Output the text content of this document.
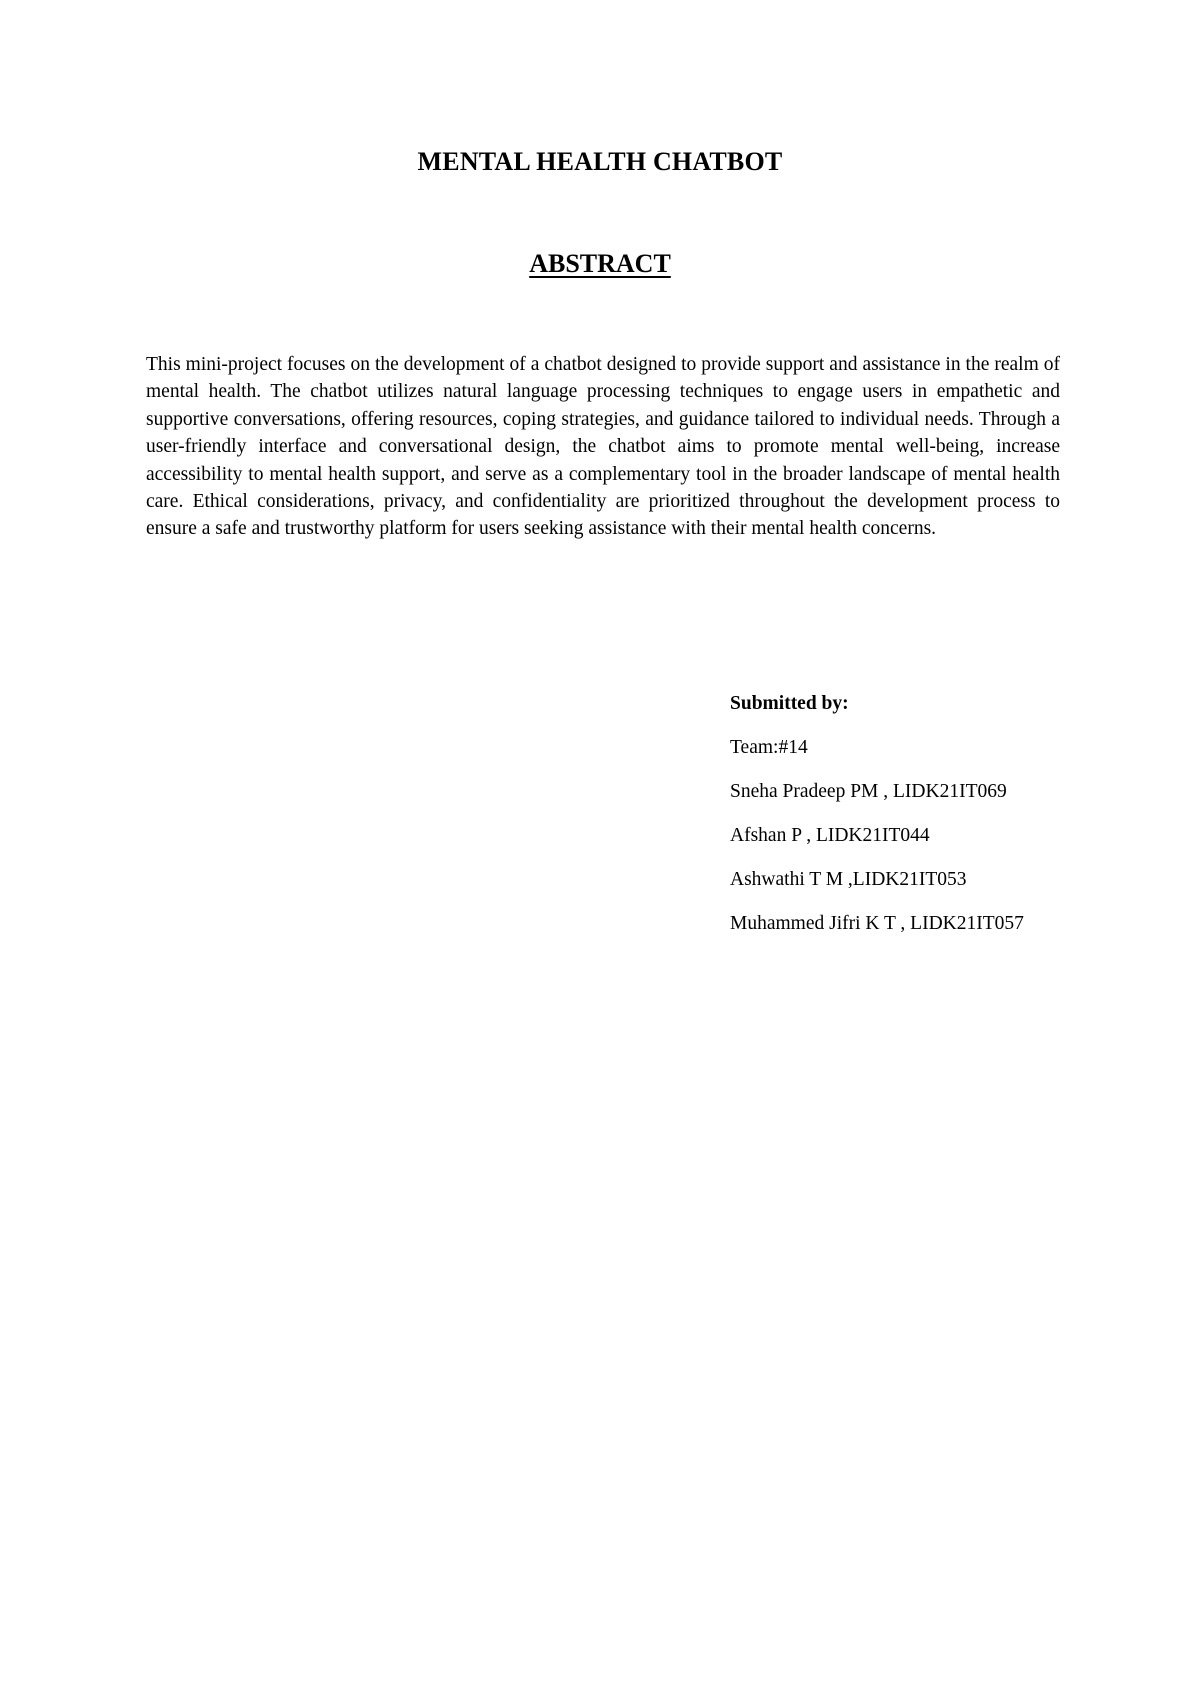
MENTAL HEALTH CHATBOT
ABSTRACT

This mini-project focuses on the development of a chatbot designed to provide support and assistance in the realm of mental health. The chatbot utilizes natural language processing techniques to engage users in empathetic and supportive conversations, offering resources, coping strategies, and guidance tailored to individual needs. Through a user-friendly interface and conversational design, the chatbot aims to promote mental well-being, increase accessibility to mental health support, and serve as a complementary tool in the broader landscape of mental health care. Ethical considerations, privacy, and confidentiality are prioritized throughout the development process to ensure a safe and trustworthy platform for users seeking assistance with their mental health concerns.

Submitted by:
Team:#14
Sneha Pradeep PM , LIDK21IT069
Afshan P , LIDK21IT044
Ashwathi T M ,LIDK21IT053
Muhammed Jifri K T , LIDK21IT057
